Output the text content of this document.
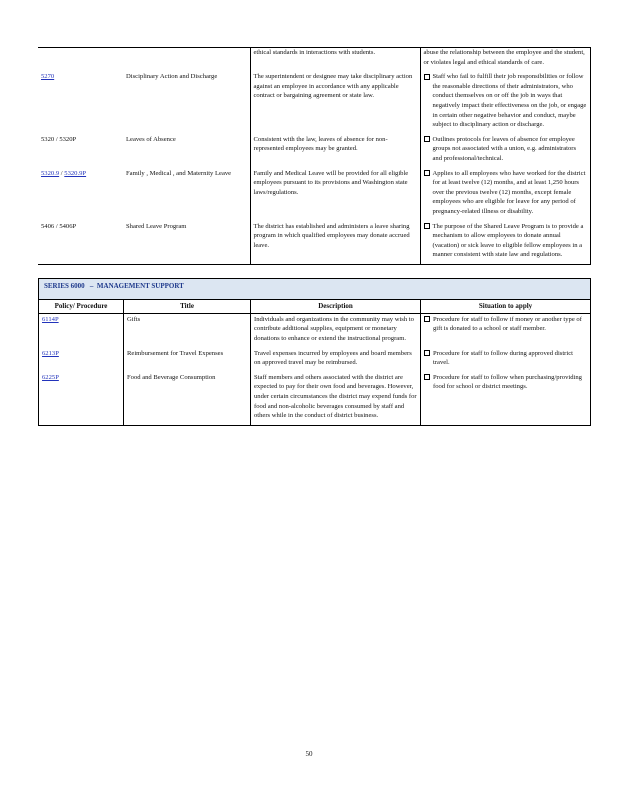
		ethical standards in interactions with students.	abuse the relationship between the employee and the student, or violates legal and ethical standards of care.
5270	Disciplinary Action and Discharge	The superintendent or designee may take disciplinary action against an employee in accordance with any applicable contract or bargaining agreement or state law.	Staff who fail to fulfill their job responsibilities or follow the reasonable directions of their administrators, who conduct themselves on or off the job in ways that negatively impact their effectiveness on the job, or engage in certain other negative behavior and conduct, maybe subject to disciplinary action or discharge.

5320 / 5320P	Leaves of Absence	Consistent with the law, leaves of absence for non-represented employees may be granted.	Outlines protocols for leaves of absence for employee groups not associated with a union, e.g. administrators and professional/technical.

5320.9 / 5320.9P	Family , Medical , and Maternity Leave	Family and Medical Leave will be provided for all eligible employees pursuant to its provisions and Washington state laws/regulations.	Applies to all employees who have worked for the district for at least twelve (12) months, and at least 1,250 hours over the previous twelve (12) months, except female employees who are eligible for leave for any period of pregnancy-related illness or disability.

5406 / 5406P	Shared Leave Program	The district has established and administers a leave sharing program in which qualified employees may donate accrued leave.	The purpose of the Shared Leave Program is to provide a mechanism to allow employees to donate annual (vacation) or sick leave to eligible fellow employees in a manner consistent with state law and regulations.
SERIES 6000 – MANAGEMENT SUPPORT			
Policy/ Procedure	Title	Description	Situation to apply
6114P	Gifts	Individuals and organizations in the community may wish to contribute additional supplies, equipment or monetary donations to enhance or extend the instructional program.	Procedure for staff to follow if money or another type of gift is donated to a school or staff member.

6213P	Reimbursement for Travel Expenses	Travel expenses incurred by employees and board members on approved travel may be reimbursed.	Procedure for staff to follow during approved district travel.

6225P	Food and Beverage Consumption	Staff members and others associated with the district are expected to pay for their own food and beverages. However, under certain circumstances the district may expend funds for food and non-alcoholic beverages consumed by staff and others while in the conduct of district business.	Procedure for staff to follow when purchasing/providing food for school or district meetings.
50
